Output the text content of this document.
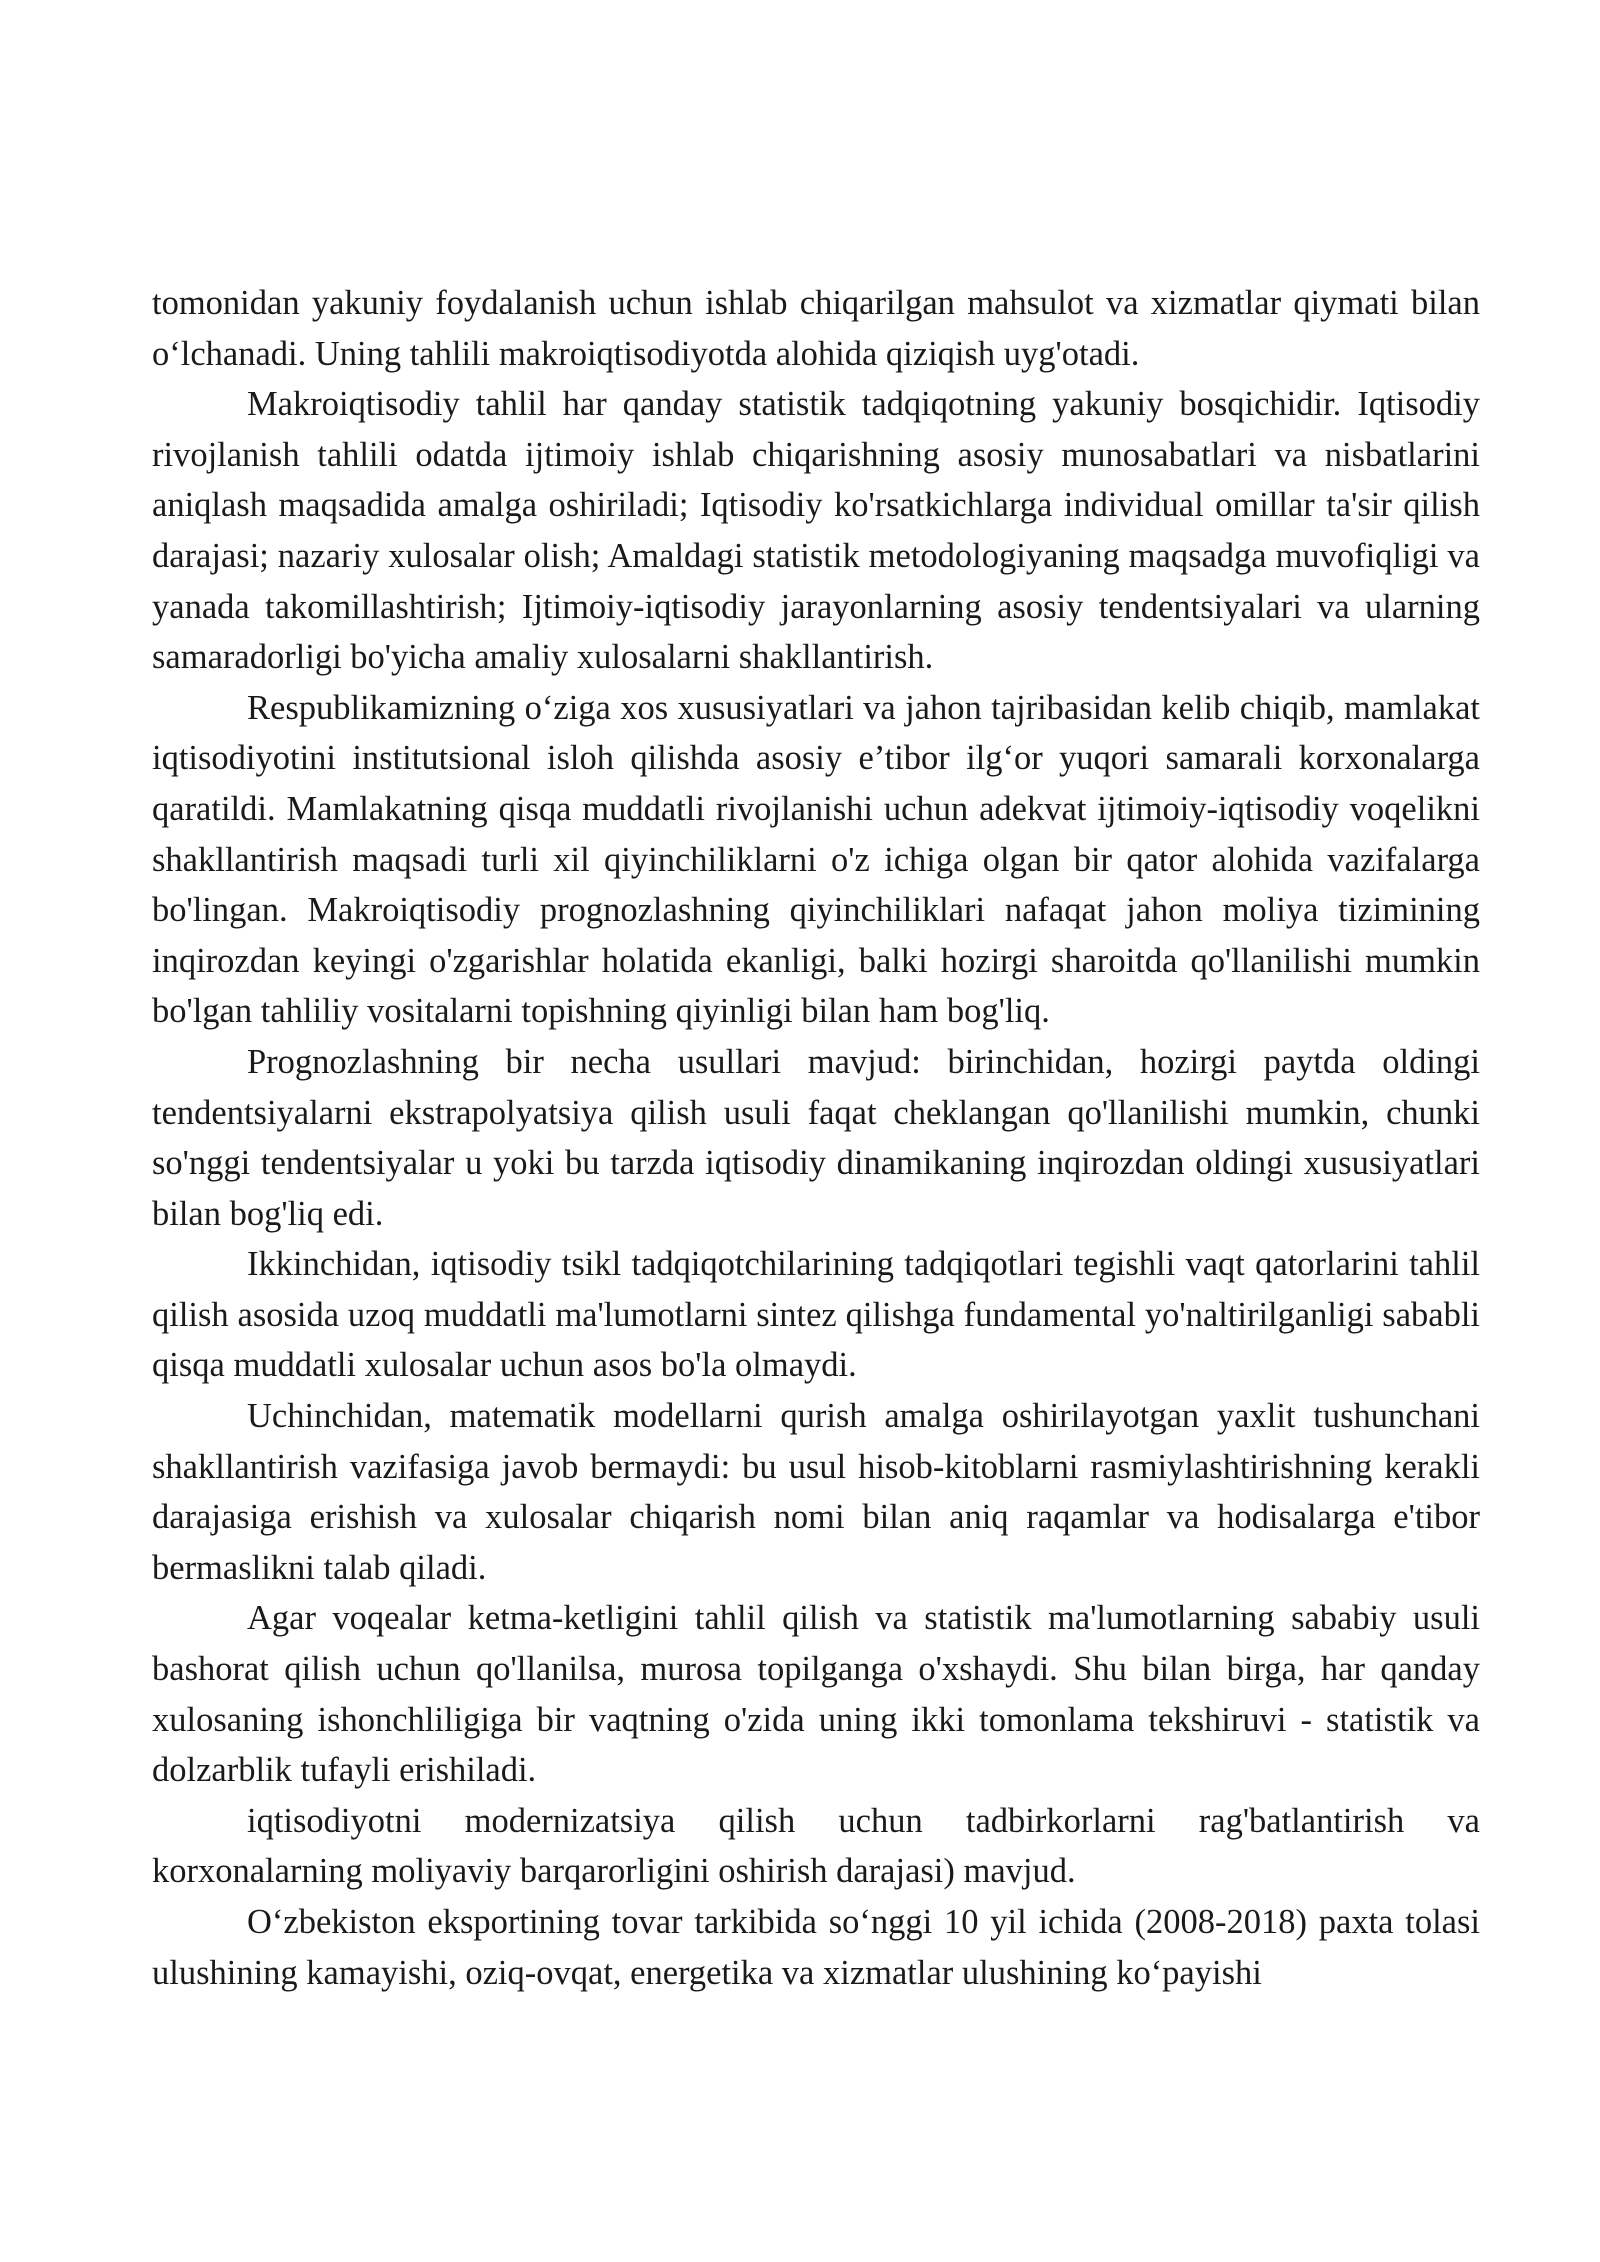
tomonidan yakuniy foydalanish uchun ishlab chiqarilgan mahsulot va xizmatlar qiymati bilan o‘lchanadi. Uning tahlili makroiqtisodiyotda alohida qiziqish uyg'otadi.

Makroiqtisodiy tahlil har qanday statistik tadqiqotning yakuniy bosqichidir. Iqtisodiy rivojlanish tahlili odatda ijtimoiy ishlab chiqarishning asosiy munosabatlari va nisbatlarini aniqlash maqsadida amalga oshiriladi; Iqtisodiy ko'rsatkichlarga individual omillar ta'sir qilish darajasi; nazariy xulosalar olish; Amaldagi statistik metodologiyaning maqsadga muvofiqligi va yanada takomillashtirish; Ijtimoiy-iqtisodiy jarayonlarning asosiy tendentsiyalari va ularning samaradorligi bo'yicha amaliy xulosalarni shakllantirish.

Respublikamizning o‘ziga xos xususiyatlari va jahon tajribasidan kelib chiqib, mamlakat iqtisodiyotini institutsional isloh qilishda asosiy e’tibor ilg‘or yuqori samarali korxonalarga qaratildi. Mamlakatning qisqa muddatli rivojlanishi uchun adekvat ijtimoiy-iqtisodiy voqelikni shakllantirish maqsadi turli xil qiyinchiliklarni o'z ichiga olgan bir qator alohida vazifalarga bo'lingan. Makroiqtisodiy prognozlashning qiyinchiliklari nafaqat jahon moliya tizimining inqirozdan keyingi o'zgarishlar holatida ekanligi, balki hozirgi sharoitda qo'llanilishi mumkin bo'lgan tahliliy vositalarni topishning qiyinligi bilan ham bog'liq.

Prognozlashning bir necha usullari mavjud: birinchidan, hozirgi paytda oldingi tendentsiyalarni ekstrapolyatsiya qilish usuli faqat cheklangan qo'llanilishi mumkin, chunki so'nggi tendentsiyalar u yoki bu tarzda iqtisodiy dinamikaning inqirozdan oldingi xususiyatlari bilan bog'liq edi.

Ikkinchidan, iqtisodiy tsikl tadqiqotchilarining tadqiqotlari tegishli vaqt qatorlarini tahlil qilish asosida uzoq muddatli ma'lumotlarni sintez qilishga fundamental yo'naltirilganligi sababli qisqa muddatli xulosalar uchun asos bo'la olmaydi.

Uchinchidan, matematik modellarni qurish amalga oshirilayotgan yaxlit tushunchani shakllantirish vazifasiga javob bermaydi: bu usul hisob-kitoblarni rasmiylashtirishning kerakli darajasiga erishish va xulosalar chiqarish nomi bilan aniq raqamlar va hodisalarga e'tibor bermaslikni talab qiladi.

Agar voqealar ketma-ketligini tahlil qilish va statistik ma'lumotlarning sababiy usuli bashorat qilish uchun qo'llanilsa, murosa topilganga o'xshaydi. Shu bilan birga, har qanday xulosaning ishonchliligiga bir vaqtning o'zida uning ikki tomonlama tekshiruvi - statistik va dolzarblik tufayli erishiladi.

iqtisodiyotni modernizatsiya qilish uchun tadbirkorlarni rag'batlantirish va korxonalarning moliyaviy barqarorligini oshirish darajasi) mavjud.

O‘zbekiston eksportining tovar tarkibida so‘nggi 10 yil ichida (2008-2018) paxta tolasi ulushining kamayishi, oziq-ovqat, energetika va xizmatlar ulushining ko‘payishi
